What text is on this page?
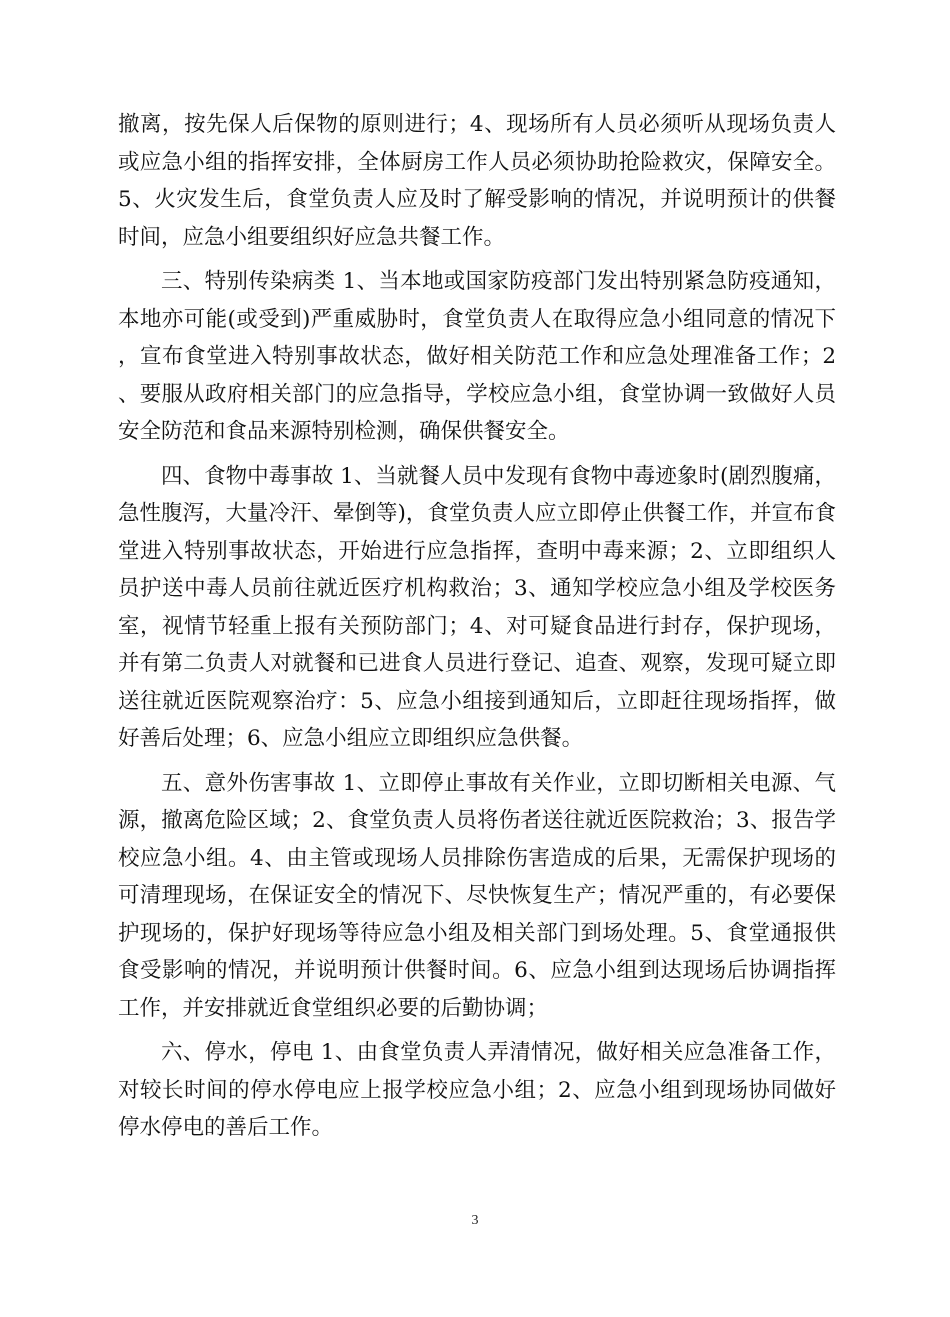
撤离，按先保人后保物的原则进行；4、现场所有人员必须听从现场负责人或应急小组的指挥安排，全体厨房工作人员必须协助抢险救灾，保障安全。5、火灾发生后，食堂负责人应及时了解受影响的情况，并说明预计的供餐时间，应急小组要组织好应急共餐工作。

三、特别传染病类 1、当本地或国家防疫部门发出特别紧急防疫通知，本地亦可能(或受到)严重威胁时，食堂负责人在取得应急小组同意的情况下，宣布食堂进入特别事故状态，做好相关防范工作和应急处理准备工作；2、要服从政府相关部门的应急指导，学校应急小组，食堂协调一致做好人员安全防范和食品来源特别检测，确保供餐安全。

四、食物中毒事故 1、当就餐人员中发现有食物中毒迹象时(剧烈腹痛，急性腹泻，大量冷汗、晕倒等)，食堂负责人应立即停止供餐工作，并宣布食堂进入特别事故状态，开始进行应急指挥，查明中毒来源；2、立即组织人员护送中毒人员前往就近医疗机构救治；3、通知学校应急小组及学校医务室，视情节轻重上报有关预防部门；4、对可疑食品进行封存，保护现场，并有第二负责人对就餐和已进食人员进行登记、追查、观察，发现可疑立即送往就近医院观察治疗：5、应急小组接到通知后，立即赶往现场指挥，做好善后处理；6、应急小组应立即组织应急供餐。

五、意外伤害事故 1、立即停止事故有关作业，立即切断相关电源、气源，撤离危险区域；2、食堂负责人员将伤者送往就近医院救治；3、报告学校应急小组。4、由主管或现场人员排除伤害造成的后果，无需保护现场的可清理现场，在保证安全的情况下、尽快恢复生产；情况严重的，有必要保护现场的，保护好现场等待应急小组及相关部门到场处理。5、食堂通报供食受影响的情况，并说明预计供餐时间。6、应急小组到达现场后协调指挥工作，并安排就近食堂组织必要的后勤协调；

六、停水，停电 1、由食堂负责人弄清情况，做好相关应急准备工作，对较长时间的停水停电应上报学校应急小组；2、应急小组到现场协同做好停水停电的善后工作。

3
